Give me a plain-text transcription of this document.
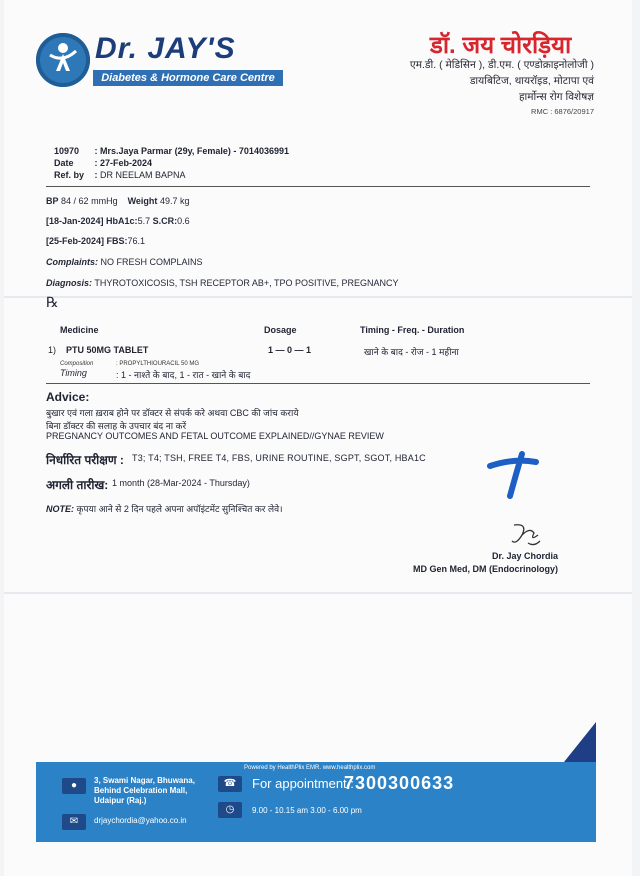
Dr. JAY'S
Diabetes & Hormone Care Centre
डॉ. जय चोरड़िया
एम.डी. ( मेडिसिन ), डी.एम. ( एण्डोक्राइनोलोजी )
डायबिटिज, थायरॉइड, मोटापा एवं
हार्मोन्स रोग विशेषज्ञ
RMC : 6876/20917
10970 : Mrs.Jaya Parmar (29y, Female) - 7014036991
Date : 27-Feb-2024
Ref. by : DR NEELAM BAPNA
BP 84 / 62 mmHg Weight 49.7 kg
[18-Jan-2024] HbA1c:5.7 S.CR:0.6
[25-Feb-2024] FBS:76.1
Complaints: NO FRESH COMPLAINS
Diagnosis: THYROTOXICOSIS, TSH RECEPTOR AB+, TPO POSITIVE, PREGNANCY
℞
Medicine	Dosage	Timing - Freq. - Duration
1) PTU 50MG TABLET	1 — 0 — 1	खाने के बाद - रोज - 1 महीना
Composition	: PROPYLTHIOURACIL 50 MG
Timing	: 1 - नाश्ते के बाद, 1 - रात - खाने के बाद
Advice:
बुखार एवं गला ख़राब होने पर डॉक्टर से संपर्क करे अथवा CBC की जांच कराये
बिना डॉक्टर की सलाह के उपचार बंद ना करें
PREGNANCY OUTCOMES AND FETAL OUTCOME EXPLAINED//GYNAE REVIEW
निर्धारित परीक्षण : T3; T4; TSH, FREE T4, FBS, URINE ROUTINE, SGPT, SGOT, HBA1C
अगली तारीख: 1 month (28-Mar-2024 - Thursday)
NOTE: कृपया आने से 2 दिन पहले अपना अपॉइंटमेंट सुनिश्चित कर लेवे।
Dr. Jay Chordia
MD Gen Med, DM (Endocrinology)
Powered by HealthPlix EMR. www.healthplix.com
●	3, Swami Nagar, Bhuwana,
Behind Celebration Mall,
Udaipur (Raj.)
✉	drjaychordia@yahoo.co.in
☎	For appointment :
7300300633
◷	9.00 - 10.15 am 3.00 - 6.00 pm
